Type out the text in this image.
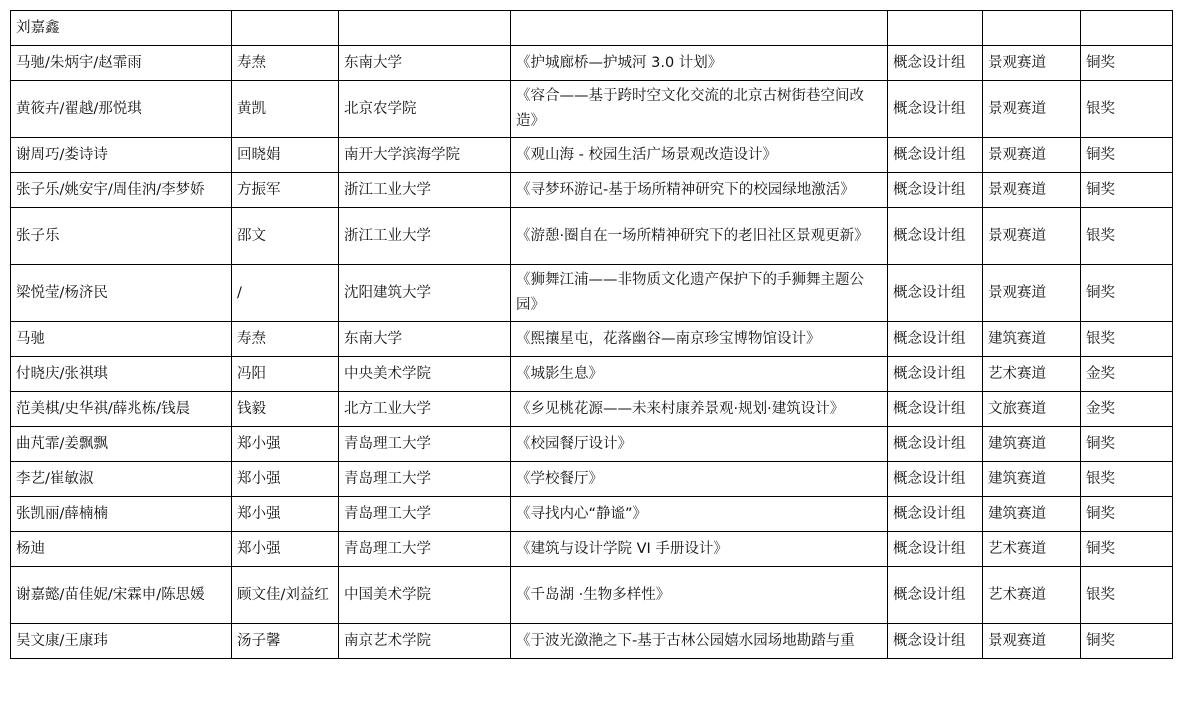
刘嘉鑫						
马驰/朱炳宇/赵霏雨	寿焘	东南大学	《护城廊桥—护城河 3.0 计划》	概念设计组	景观赛道	铜奖
黄筱卉/翟越/那悦琪	黄凯	北京农学院	《容合——基于跨时空文化交流的北京古树街巷空间改造》	概念设计组	景观赛道	银奖
谢周巧/娄诗诗	回晓娟	南开大学滨海学院	《观山海 - 校园生活广场景观改造设计》	概念设计组	景观赛道	铜奖
张子乐/姚安宇/周佳汭/李梦娇	方振军	浙江工业大学	《寻梦环游记-基于场所精神研究下的校园绿地激活》	概念设计组	景观赛道	铜奖
张子乐	邵文	浙江工业大学	《游憩·圈自在一场所精神研究下的老旧社区景观更新》	概念设计组	景观赛道	银奖
梁悦莹/杨济民	/	沈阳建筑大学	《狮舞江浦——非物质文化遗产保护下的手狮舞主题公园》	概念设计组	景观赛道	铜奖
马驰	寿焘	东南大学	《熙攘星屯，花落幽谷—南京珍宝博物馆设计》	概念设计组	建筑赛道	银奖
付晓庆/张祺琪	冯阳	中央美术学院	《城影生息》	概念设计组	艺术赛道	金奖
范美棋/史华祺/薛兆栋/钱晨	钱毅	北方工业大学	《乡见桃花源——未来村康养景观·规划·建筑设计》	概念设计组	文旅赛道	金奖
曲芃霏/姜飘飘	郑小强	青岛理工大学	《校园餐厅设计》	概念设计组	建筑赛道	铜奖
李艺/崔敏淑	郑小强	青岛理工大学	《学校餐厅》	概念设计组	建筑赛道	银奖
张凯丽/薛楠楠	郑小强	青岛理工大学	《寻找内心“静谧”》	概念设计组	建筑赛道	铜奖
杨迪	郑小强	青岛理工大学	《建筑与设计学院 VI 手册设计》	概念设计组	艺术赛道	铜奖
谢嘉懿/苗佳妮/宋霖申/陈思媛	顾文佳/刘益红	中国美术学院	《千岛湖 ·生物多样性》	概念设计组	艺术赛道	银奖
吴文康/王康玮	汤子馨	南京艺术学院	《于波光潋滟之下-基于古林公园嬉水园场地勘踏与重	概念设计组	景观赛道	铜奖
